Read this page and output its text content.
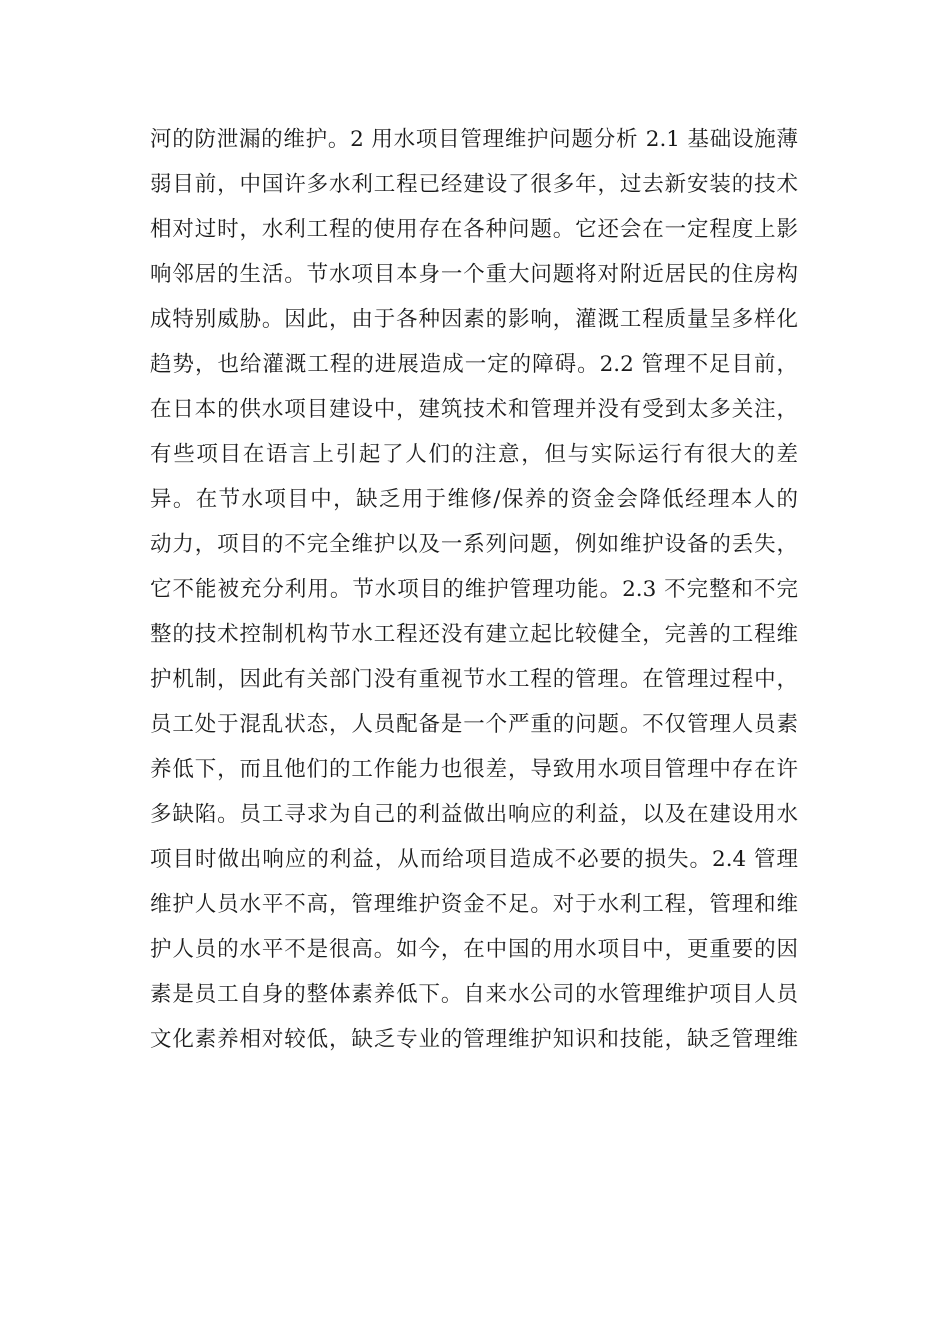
河的防泄漏的维护。2 用水项目管理维护问题分析 2.1 基础设施薄
弱目前，中国许多水利工程已经建设了很多年，过去新安装的技术
相对过时，水利工程的使用存在各种问题。它还会在一定程度上影
响邻居的生活。节水项目本身一个重大问题将对附近居民的住房构
成特别威胁。因此，由于各种因素的影响，灌溉工程质量呈多样化
趋势，也给灌溉工程的进展造成一定的障碍。2.2 管理不足目前，
在日本的供水项目建设中，建筑技术和管理并没有受到太多关注，
有些项目在语言上引起了人们的注意，但与实际运行有很大的差
异。在节水项目中，缺乏用于维修/保养的资金会降低经理本人的
动力，项目的不完全维护以及一系列问题，例如维护设备的丢失，
它不能被充分利用。节水项目的维护管理功能。2.3 不完整和不完
整的技术控制机构节水工程还没有建立起比较健全，完善的工程维
护机制，因此有关部门没有重视节水工程的管理。在管理过程中，
员工处于混乱状态，人员配备是一个严重的问题。不仅管理人员素
养低下，而且他们的工作能力也很差，导致用水项目管理中存在许
多缺陷。员工寻求为自己的利益做出响应的利益，以及在建设用水
项目时做出响应的利益，从而给项目造成不必要的损失。2.4 管理
维护人员水平不高，管理维护资金不足。对于水利工程，管理和维
护人员的水平不是很高。如今，在中国的用水项目中，更重要的因
素是员工自身的整体素养低下。自来水公司的水管理维护项目人员
文化素养相对较低，缺乏专业的管理维护知识和技能，缺乏管理维
